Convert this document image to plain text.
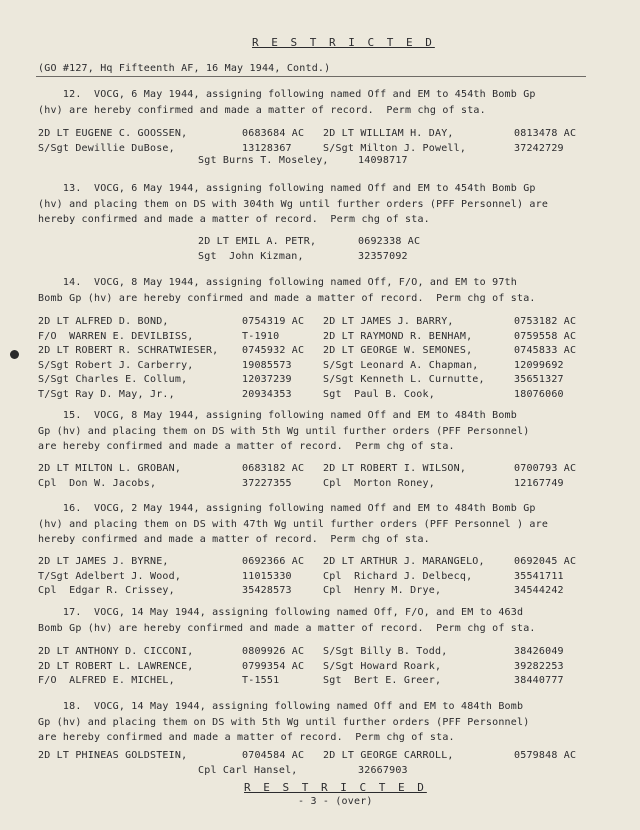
R E S T R I C T E D
(GO #127, Hq Fifteenth AF, 16 May 1944, Contd.)
12.  VOCG, 6 May 1944, assigning following named Off and EM to 454th Bomb Gp
(hv) are hereby confirmed and made a matter of record.  Perm chg of sta.
2D LT EUGENE C. GOOSSEN,	0683684 AC 2D LT WILLIAM H. DAY,	0813478 AC
S/Sgt Dewillie DuBose,	13128367	S/Sgt Milton J. Powell,	37242729
Sgt Burns T. Moseley,	14098717
13.  VOCG, 6 May 1944, assigning following named Off and EM to 454th Bomb Gp
(hv) and placing them on DS with 304th Wg until further orders (PFF Personnel) are
hereby confirmed and made a matter of record.  Perm chg of sta.
2D LT EMIL A. PETR,	0692338 AC
Sgt  John Kizman,	32357092
14.  VOCG, 8 May 1944, assigning following named Off, F/O, and EM to 97th
Bomb Gp (hv) are hereby confirmed and made a matter of record.  Perm chg of sta.
2D LT ALFRED D. BOND,	0754319 AC 2D LT JAMES J. BARRY,	0753182 AC
F/O  WARREN E. DEVILBISS,	T-1910	2D LT RAYMOND R. BENHAM,	0759558 AC
2D LT ROBERT R. SCHRATWIESER, 0745932 AC 2D LT GEORGE W. SEMONES,	0745833 AC
S/Sgt Robert J. Carberry,	19085573	S/Sgt Leonard A. Chapman,	12099692
S/Sgt Charles E. Collum,	12037239	S/Sgt Kenneth L. Curnutte,	35651327
T/Sgt Ray D. May, Jr.,	20934353	Sgt  Paul B. Cook,	18076060
15.  VOCG, 8 May 1944, assigning following named Off and EM to 484th Bomb
Gp (hv) and placing them on DS with 5th Wg until further orders (PFF Personnel)
are hereby confirmed and made a matter of record.  Perm chg of sta.
2D LT MILTON L. GROBAN,	0683182 AC 2D LT ROBERT I. WILSON,	0700793 AC
Cpl  Don W. Jacobs,	37227355	Cpl  Morton Roney,	12167749
16.  VOCG, 2 May 1944, assigning following named Off and EM to 484th Bomb Gp
(hv) and placing them on DS with 47th Wg until further orders (PFF Personnel ) are
hereby confirmed and made a matter of record.  Perm chg of sta.
2D LT JAMES J. BYRNE,	0692366 AC 2D LT ARTHUR J. MARANGELO,	0692045 AC
T/Sgt Adelbert J. Wood,	11015330	Cpl  Richard J. Delbecq,	35541711
Cpl  Edgar R. Crissey,	35428573	Cpl  Henry M. Drye,	34544242
17.  VOCG, 14 May 1944, assigning following named Off, F/O, and EM to 463d
Bomb Gp (hv) are hereby confirmed and made a matter of record.  Perm chg of sta.
2D LT ANTHONY D. CICCONI,	0809926 AC S/Sgt Billy B. Todd,	38426049
2D LT ROBERT L. LAWRENCE,	0799354 AC S/Sgt Howard Roark,	39282253
F/O  ALFRED E. MICHEL,	T-1551	Sgt  Bert E. Greer,	38440777
18.  VOCG, 14 May 1944, assigning following named Off and EM to 484th Bomb
Gp (hv) and placing them on DS with 5th Wg until further orders (PFF Personnel)
are hereby confirmed and made a matter of record.  Perm chg of sta.
2D LT PHINEAS GOLDSTEIN,	0704584 AC 2D LT GEORGE CARROLL,	0579848 AC
Cpl Carl Hansel,	32667903
R E S T R I C T E D
- 3 - (over)
